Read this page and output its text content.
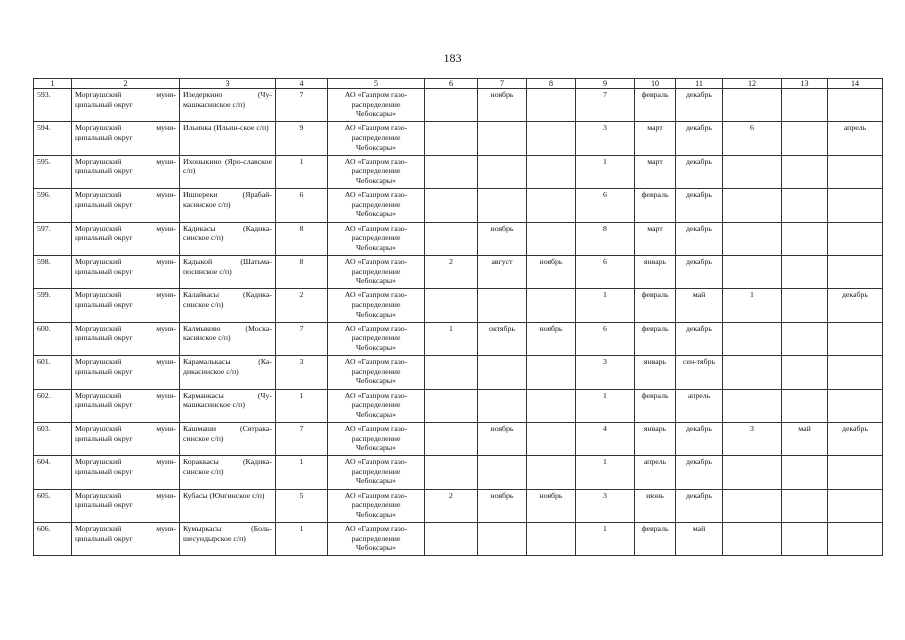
183
1	2	3	4	5	6	7	8	9	10	11	12	13	14
593.	Моргаушский муни-ципальный округ	Изедеркино (Чу-машкасинское с/п)	7	АО «Газпром газо-распределение Чебоксары»		ноябрь		7	февраль	декабрь			
594.	Моргаушский муни-ципальный округ	Ильинка (Ильин-ское с/п)	9	АО «Газпром газо-распределение Чебоксары»				3	март	декабрь	6		апрель
595.	Моргаушский муни-ципальный округ	Ихоныкино (Яро-славское с/п)	1	АО «Газпром газо-распределение Чебоксары»				1	март	декабрь			
596.	Моргаушский муни-ципальный округ	Ишпереки (Ярабай-касинское с/п)	6	АО «Газпром газо-распределение Чебоксары»				6	февраль	декабрь			
597.	Моргаушский муни-ципальный округ	Кадикасы (Кадика-синское с/п)	8	АО «Газпром газо-распределение Чебоксары»		ноябрь		8	март	декабрь			
598.	Моргаушский муни-ципальный округ	Кадыкой (Шатьма-посинское с/п)	8	АО «Газпром газо-распределение Чебоксары»	2	август	ноябрь	6	январь	декабрь			
599.	Моргаушский муни-ципальный округ	Калайкасы (Кадика-синское с/п)	2	АО «Газпром газо-распределение Чебоксары»				1	февраль	май	1		декабрь
600.	Моргаушский муни-ципальный округ	Калмыково (Моска-касинское с/п)	7	АО «Газпром газо-распределение Чебоксары»	1	октябрь	ноябрь	6	февраль	декабрь			
601.	Моргаушский муни-ципальный округ	Карамалькасы (Ка-дикасинское с/п)	3	АО «Газпром газо-распределение Чебоксары»				3	январь	сен-тябрь			
602.	Моргаушский муни-ципальный округ	Карманкасы (Чу-машкасинское с/п)	1	АО «Газпром газо-распределение Чебоксары»				1	февраль	апрель			
603.	Моргаушский муни-ципальный округ	Кашмаши (Сятрака-синское с/п)	7	АО «Газпром газо-распределение Чебоксары»		ноябрь		4	январь	декабрь	3	май	декабрь
604.	Моргаушский муни-ципальный округ	Кораккасы (Кадика-синское с/п)	1	АО «Газпром газо-распределение Чебоксары»				1	апрель	декабрь			
605.	Моргаушский муни-ципальный округ	Кубасы (Юнгинское с/п)	5	АО «Газпром газо-распределение Чебоксары»	2	ноябрь	ноябрь	3	июнь	декабрь			
606.	Моргаушский муни-ципальный округ	Кумыркасы (Боль-шесундырское с/п)	1	АО «Газпром газо-распределение Чебоксары»				1	февраль	май			
